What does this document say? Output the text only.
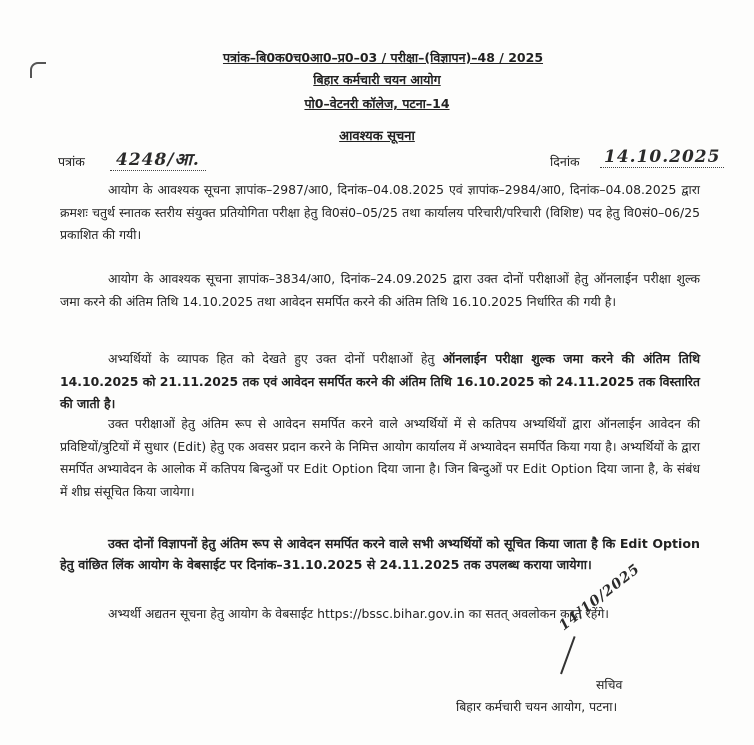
पत्रांक–बि0क0च0आ0–प्र0–03 / परीक्षा–(विज्ञापन)–48 / 2025
बिहार कर्मचारी चयन आयोग
पो0–वेटनरी कॉलेज, पटना–14
आवश्यक सूचना
पत्रांक	4248/आ.	दिनांक 14.10.2025
आयोग के आवश्यक सूचना ज्ञापांक–2987/आ0, दिनांक–04.08.2025 एवं ज्ञापांक–2984/आ0, दिनांक–04.08.2025 द्वारा क्रमशः चतुर्थ स्नातक स्तरीय संयुक्त प्रतियोगिता परीक्षा हेतु वि0सं0–05/25 तथा कार्यालय परिचारी/परिचारी (विशिष्ट) पद हेतु वि0सं0–06/25 प्रकाशित की गयी।
आयोग के आवश्यक सूचना ज्ञापांक–3834/आ0, दिनांक–24.09.2025 द्वारा उक्त दोनों परीक्षाओं हेतु ऑनलाईन परीक्षा शुल्क जमा करने की अंतिम तिथि 14.10.2025 तथा आवेदन समर्पित करने की अंतिम तिथि 16.10.2025 निर्धारित की गयी है।
अभ्यर्थियों के व्यापक हित को देखते हुए उक्त दोनों परीक्षाओं हेतु ऑनलाईन परीक्षा शुल्क जमा करने की अंतिम तिथि 14.10.2025 को 21.11.2025 तक एवं आवेदन समर्पित करने की अंतिम तिथि 16.10.2025 को 24.11.2025 तक विस्तारित की जाती है।
उक्त परीक्षाओं हेतु अंतिम रूप से आवेदन समर्पित करने वाले अभ्यर्थियों में से कतिपय अभ्यर्थियों द्वारा ऑनलाईन आवेदन की प्रविष्टियों/त्रुटियों में सुधार (Edit) हेतु एक अवसर प्रदान करने के निमित्त आयोग कार्यालय में अभ्यावेदन समर्पित किया गया है। अभ्यर्थियों के द्वारा समर्पित अभ्यावेदन के आलोक में कतिपय बिन्दुओं पर Edit Option दिया जाना है। जिन बिन्दुओं पर Edit Option दिया जाना है, के संबंध में शीघ्र संसूचित किया जायेगा।
उक्त दोनों विज्ञापनों हेतु अंतिम रूप से आवेदन समर्पित करने वाले सभी अभ्यर्थियों को सूचित किया जाता है कि Edit Option हेतु वांछित लिंक आयोग के वेबसाईट पर दिनांक–31.10.2025 से 24.11.2025 तक उपलब्ध कराया जायेगा।
अभ्यर्थी अद्यतन सूचना हेतु आयोग के वेबसाईट https://bssc.bihar.gov.in का सतत् अवलोकन करते रहेंगे।
14/10/2025
सचिव
बिहार कर्मचारी चयन आयोग, पटना।
